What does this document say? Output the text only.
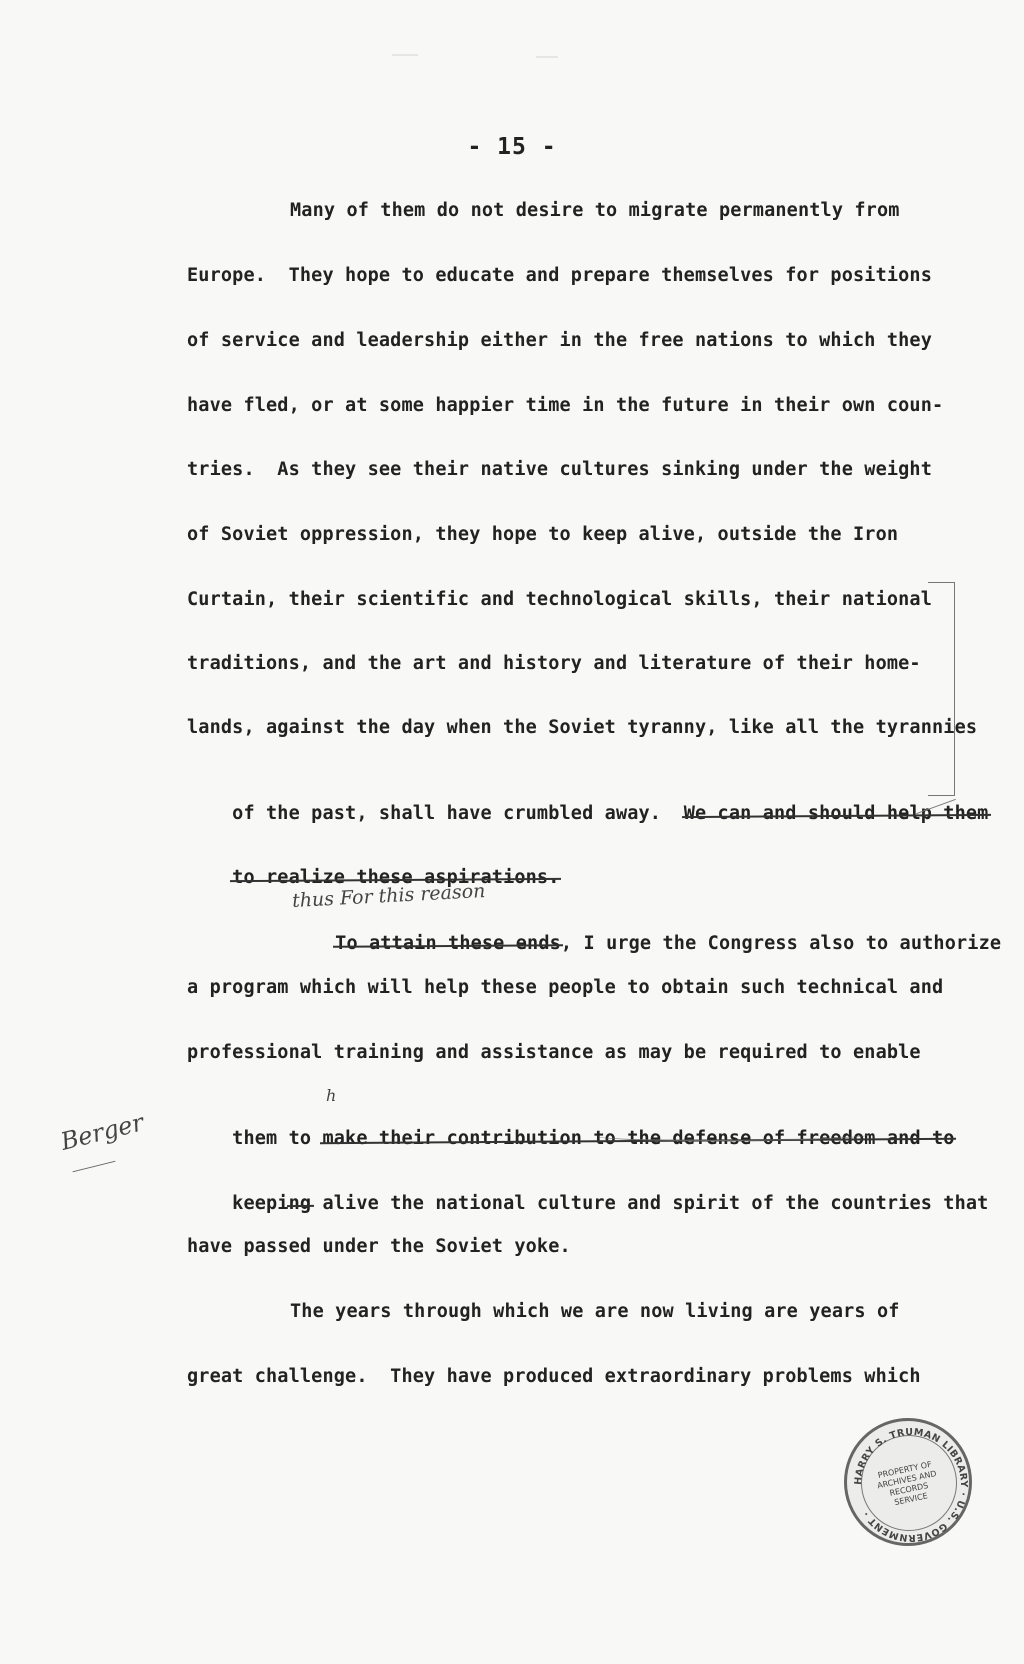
- 15 -
Many of them do not desire to migrate permanently from
Europe.  They hope to educate and prepare themselves for positions
of service and leadership either in the free nations to which they
have fled, or at some happier time in the future in their own coun-
tries.  As they see their native cultures sinking under the weight
of Soviet oppression, they hope to keep alive, outside the Iron
Curtain, their scientific and technological skills, their national
traditions, and the art and history and literature of their home-
lands, against the day when the Soviet tyranny, like all the tyrannies

of the past, shall have crumbled away. We can and should help them

to realize these aspirations.

thus For this reason

To attain these ends, I urge the Congress also to authorize

a program which will help these people to obtain such technical and
professional training and assistance as may be required to enable
h

them to make their contribution to the defense of freedom and to

keeping alive the national culture and spirit of the countries that

have passed under the Soviet yoke.
Berger
The years through which we are now living are years of
great challenge.  They have produced extraordinary problems which
HARRY S. TRUMAN LIBRARY · U.S. GOVERNMENT ·
PROPERTY OF ARCHIVES AND RECORDS SERVICE
